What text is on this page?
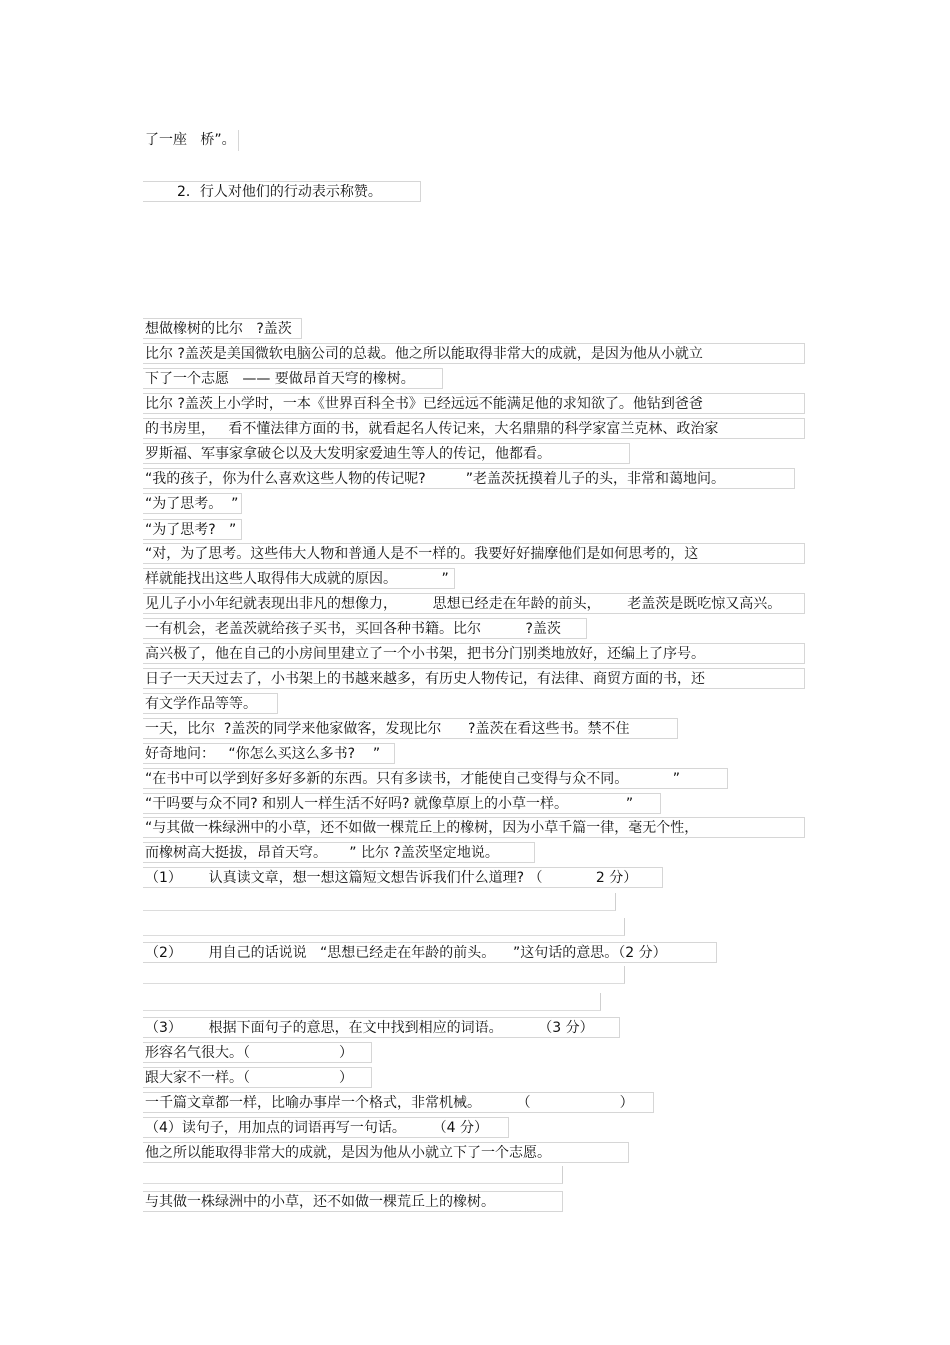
了一座   桥”。
2．行人对他们的行动表示称赞。
想做橡树的比尔   ?盖茨
比尔 ?盖茨是美国微软电脑公司的总裁。他之所以能取得非常大的成就，是因为他从小就立
下了一个志愿   —— 要做昂首天穹的橡树。
比尔 ?盖茨上小学时，一本《世界百科全书》已经远远不能满足他的求知欲了。他钻到爸爸
的书房里，   看不懂法律方面的书，就看起名人传记来，大名鼎鼎的科学家富兰克林、政治家
罗斯福、军事家拿破仑以及大发明家爱迪生等人的传记，他都看。
“我的孩子，你为什么喜欢这些人物的传记呢?         ”老盖茨抚摸着儿子的头，非常和蔼地问。
“为了思考。  ”
“为了思考?   ”
“对，为了思考。这些伟大人物和普通人是不一样的。我要好好揣摩他们是如何思考的，这
样就能找出这些人取得伟大成就的原因。          ”
见儿子小小年纪就表现出非凡的想像力，        思想已经走在年龄的前头，      老盖茨是既吃惊又高兴。
一有机会，老盖茨就给孩子买书，买回各种书籍。比尔          ?盖茨
高兴极了，他在自己的小房间里建立了一个小书架，把书分门别类地放好，还编上了序号。
日子一天天过去了，小书架上的书越来越多，有历史人物传记，有法律、商贸方面的书，还
有文学作品等等。
一天，比尔  ?盖茨的同学来他家做客，发现比尔      ?盖茨在看这些书。禁不住
好奇地问：   “你怎么买这么多书?    ”
“在书中可以学到好多好多新的东西。只有多读书，才能使自己变得与众不同。          ”
“干吗要与众不同? 和别人一样生活不好吗? 就像草原上的小草一样。             ”
“与其做一株绿洲中的小草，还不如做一棵荒丘上的橡树，因为小草千篇一律，毫无个性，
而橡树高大挺拔，昂首天穹。     ” 比尔 ?盖茨坚定地说。
（1）      认真读文章，想一想这篇短文想告诉我们什么道理? （            2 分）
（2）      用自己的话说说   “思想已经走在年龄的前头。    ”这句话的意思。（2 分）
（3）      根据下面句子的意思，在文中找到相应的词语。        （3 分）
形容名气很大。（                    ）
跟大家不一样。（                    ）
一千篇文章都一样，比喻办事岸一个格式，非常机械。        （                    ）
（4）读句子，用加点的词语再写一句话。      （4 分）
他之所以能取得非常大的成就，是因为他从小就立下了一个志愿。
与其做一株绿洲中的小草，还不如做一棵荒丘上的橡树。
